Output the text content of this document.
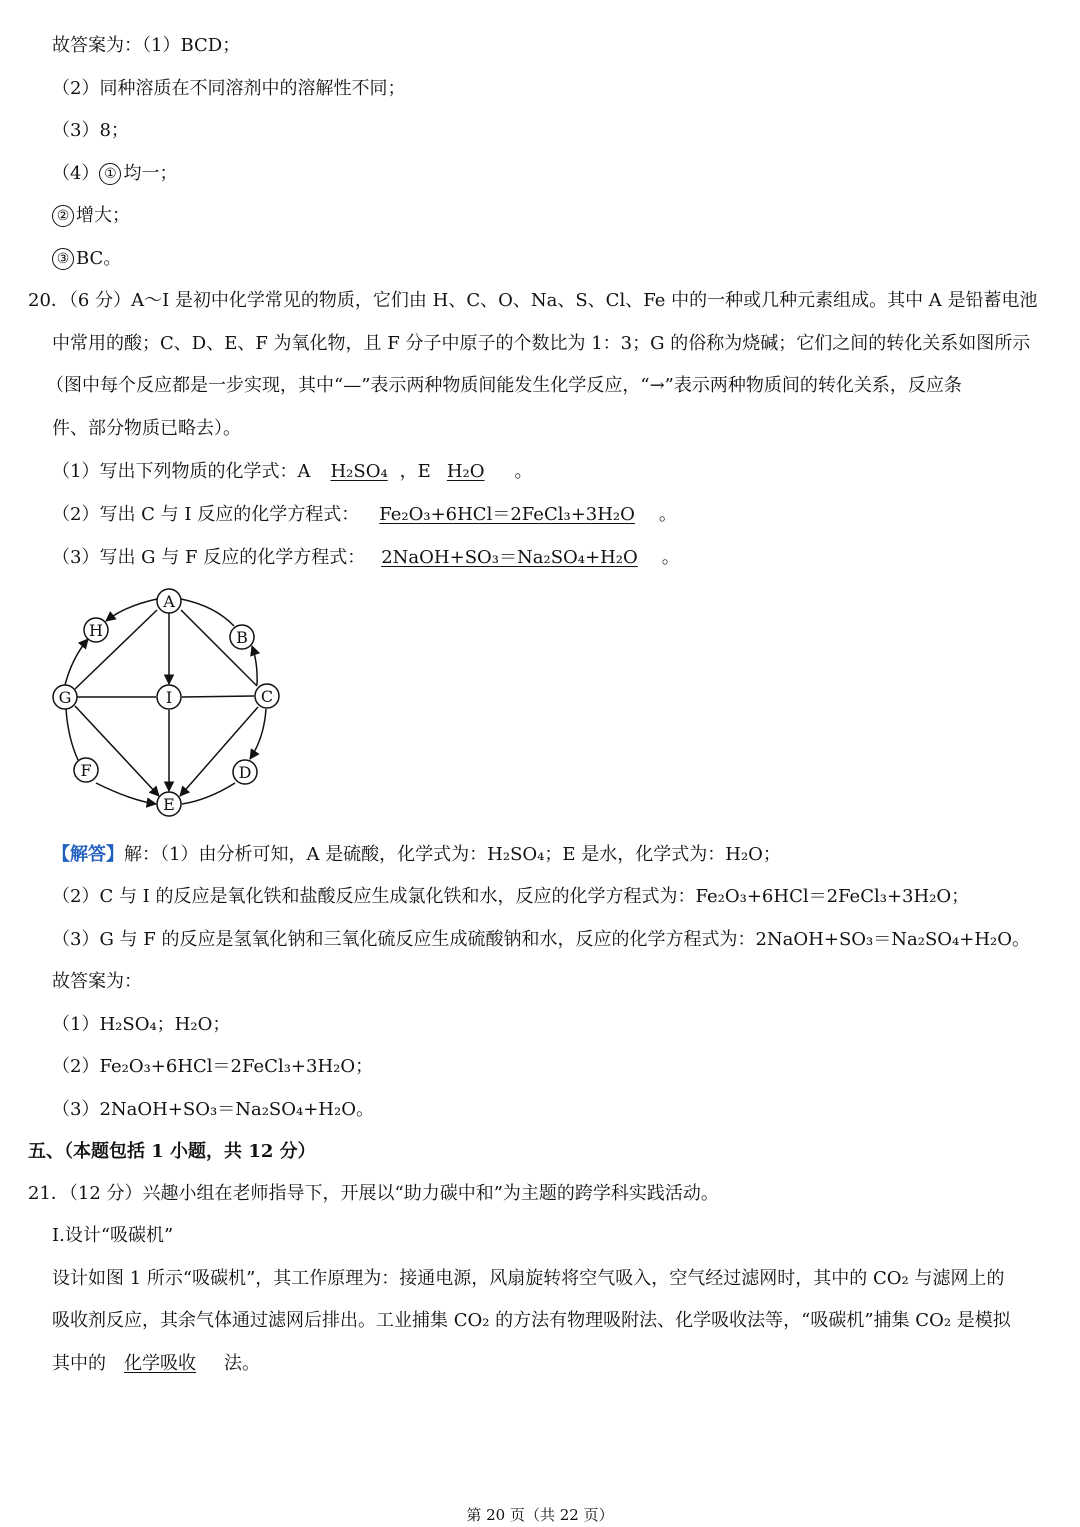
故答案为：（1）BCD；
（2）同种溶质在不同溶剂中的溶解性不同；
（3）8；
（4） ① 均一；
② 增大；
③ BC。
20．（6 分）A～I 是初中化学常见的物质，它们由 H、C、O、Na、S、Cl、Fe 中的一种或几种元素组成。其中 A 是铅蓄电池
中常用的酸；C、D、E、F 为氧化物，且 F 分子中原子的个数比为 1：3；G 的俗称为烧碱；它们之间的转化关系如图所示
（图中每个反应都是一步实现，其中“—”表示两种物质间能发生化学反应，“→”表示两种物质间的转化关系，反应条
件、部分物质已略去）。
（1）写出下列物质的化学式：A H₂SO₄ ，E H₂O 。
（2）写出 C 与 I 反应的化学方程式： Fe₂O₃+6HCl＝2FeCl₃+3H₂O 。
（3）写出 G 与 F 反应的化学方程式： 2NaOH+SO₃＝Na₂SO₄+H₂O 。
A
B
C
D
E
F
G
H
I
【解答】解：（1）由分析可知，A 是硫酸，化学式为：H₂SO₄；E 是水，化学式为：H₂O；
（2）C 与 I 的反应是氧化铁和盐酸反应生成氯化铁和水，反应的化学方程式为：Fe₂O₃+6HCl＝2FeCl₃+3H₂O；
（3）G 与 F 的反应是氢氧化钠和三氧化硫反应生成硫酸钠和水，反应的化学方程式为：2NaOH+SO₃＝Na₂SO₄+H₂O。
故答案为：
（1）H₂SO₄；H₂O；
（2）Fe₂O₃+6HCl＝2FeCl₃+3H₂O；
（3）2NaOH+SO₃＝Na₂SO₄+H₂O。
五、（本题包括 1 小题，共 12 分）
21．（12 分）兴趣小组在老师指导下，开展以“助力碳中和”为主题的跨学科实践活动。
Ⅰ.设计“吸碳机”
设计如图 1 所示“吸碳机”，其工作原理为：接通电源，风扇旋转将空气吸入，空气经过滤网时，其中的 CO₂ 与滤网上的
吸收剂反应，其余气体通过滤网后排出。工业捕集 CO₂ 的方法有物理吸附法、化学吸收法等，“吸碳机”捕集 CO₂ 是模拟
其中的 化学吸收 法。
第 20 页（共 22 页）
